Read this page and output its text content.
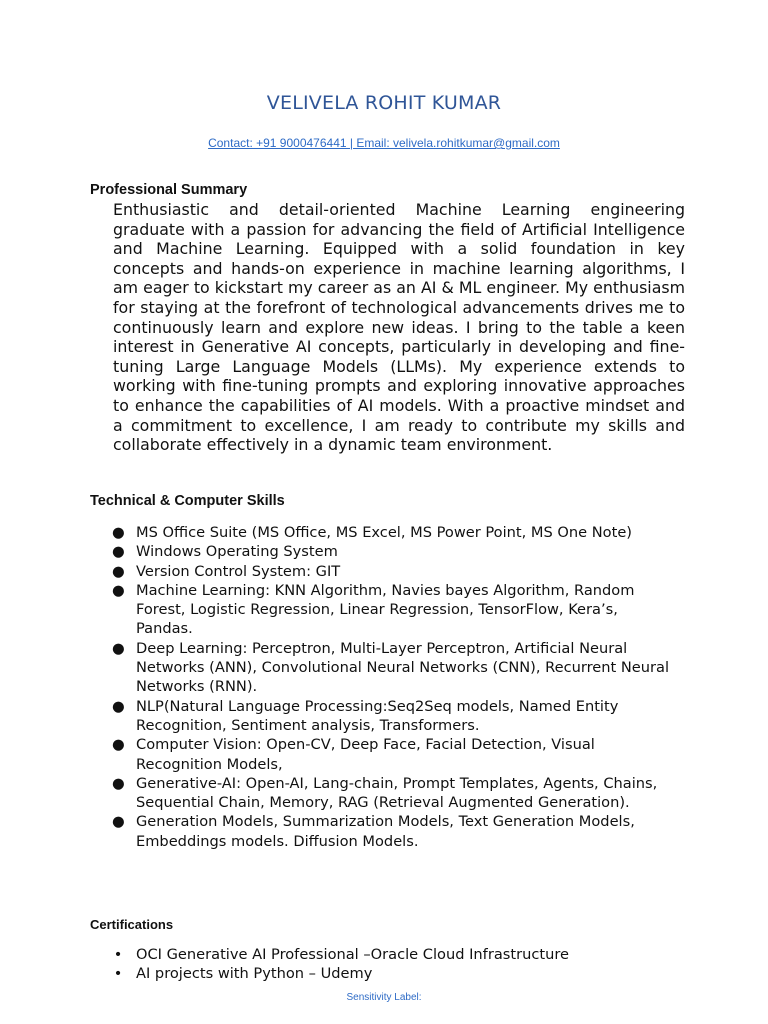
VELIVELA ROHIT KUMAR
Contact: +91 9000476441 | Email: velivela.rohitkumar@gmail.com
Professional Summary

Enthusiastic and detail-oriented Machine Learning engineering graduate with a passion for advancing the field of Artificial Intelligence and Machine Learning. Equipped with a solid foundation in key concepts and hands-on experience in machine learning algorithms, I am eager to kickstart my career as an AI & ML engineer. My enthusiasm for staying at the forefront of technological advancements drives me to continuously learn and explore new ideas. I bring to the table a keen interest in Generative AI concepts, particularly in developing and fine-tuning Large Language Models (LLMs). My experience extends to working with fine-tuning prompts and exploring innovative approaches to enhance the capabilities of AI models. With a proactive mindset and a commitment to excellence, I am ready to contribute my skills and collaborate effectively in a dynamic team environment.

Technical & Computer Skills
● MS Office Suite (MS Office, MS Excel, MS Power Point, MS One Note)
● Windows Operating System
● Version Control System: GIT
● Machine Learning: KNN Algorithm, Navies bayes Algorithm, Random Forest, Logistic Regression, Linear Regression, TensorFlow, Kera’s, Pandas.
● Deep Learning: Perceptron, Multi-Layer Perceptron, Artificial Neural Networks (ANN), Convolutional Neural Networks (CNN), Recurrent Neural Networks (RNN).
● NLP(Natural Language Processing:Seq2Seq models, Named Entity Recognition, Sentiment analysis, Transformers.
● Computer Vision: Open-CV, Deep Face, Facial Detection, Visual Recognition Models,
● Generative-AI: Open-AI, Lang-chain, Prompt Templates, Agents, Chains, Sequential Chain, Memory, RAG (Retrieval Augmented Generation).
● Generation Models, Summarization Models, Text Generation Models, Embeddings models. Diffusion Models.
Certifications
• OCI Generative AI Professional –Oracle Cloud Infrastructure
• AI projects with Python – Udemy
Sensitivity Label:
